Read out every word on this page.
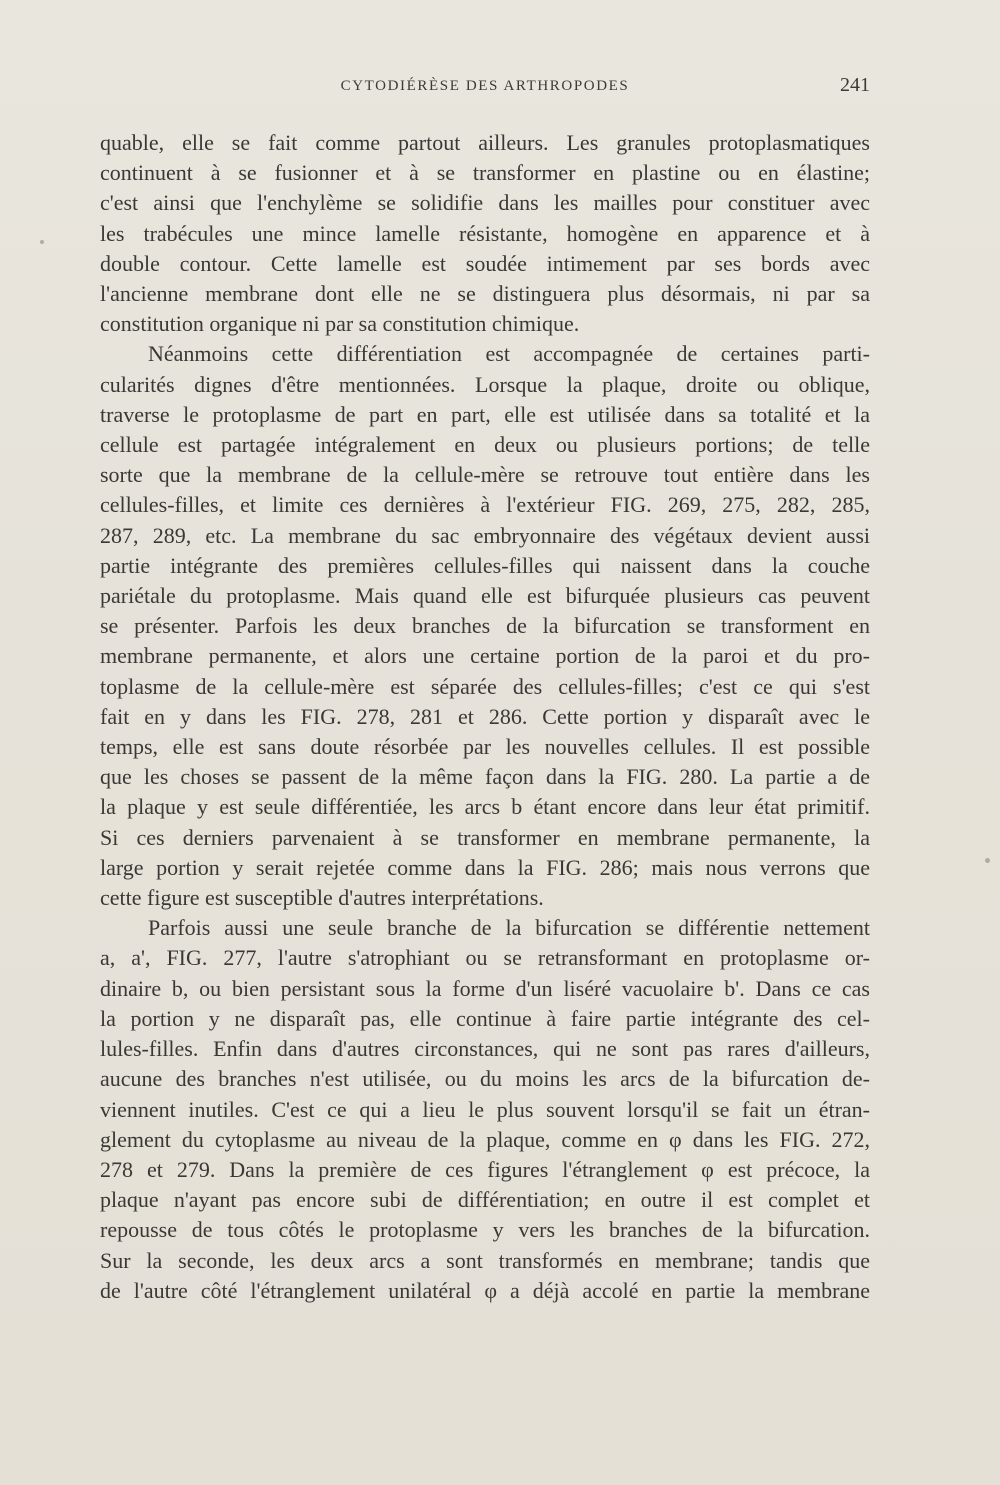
CYTODIÉRÈSE DES ARTHROPODES	241

quable, elle se fait comme partout ailleurs. Les granules protoplasmatiques
continuent à se fusionner et à se transformer en plastine ou en élastine;
c'est ainsi que l'enchylème se solidifie dans les mailles pour constituer avec
les trabécules une mince lamelle résistante, homogène en apparence et à
double contour. Cette lamelle est soudée intimement par ses bords avec
l'ancienne membrane dont elle ne se distinguera plus désormais, ni par sa
constitution organique ni par sa constitution chimique.

Néanmoins cette différentiation est accompagnée de certaines parti-
cularités dignes d'être mentionnées. Lorsque la plaque, droite ou oblique,
traverse le protoplasme de part en part, elle est utilisée dans sa totalité et la
cellule est partagée intégralement en deux ou plusieurs portions; de telle
sorte que la membrane de la cellule-mère se retrouve tout entière dans les
cellules-filles, et limite ces dernières à l'extérieur FIG. 269, 275, 282, 285,
287, 289, etc. La membrane du sac embryonnaire des végétaux devient aussi
partie intégrante des premières cellules-filles qui naissent dans la couche
pariétale du protoplasme. Mais quand elle est bifurquée plusieurs cas peuvent
se présenter. Parfois les deux branches de la bifurcation se transforment en
membrane permanente, et alors une certaine portion de la paroi et du pro-
toplasme de la cellule-mère est séparée des cellules-filles; c'est ce qui s'est
fait en y dans les FIG. 278, 281 et 286. Cette portion y disparaît avec le
temps, elle est sans doute résorbée par les nouvelles cellules. Il est possible
que les choses se passent de la même façon dans la FIG. 280. La partie a de
la plaque y est seule différentiée, les arcs b étant encore dans leur état primitif.
Si ces derniers parvenaient à se transformer en membrane permanente, la
large portion y serait rejetée comme dans la FIG. 286; mais nous verrons que
cette figure est susceptible d'autres interprétations.

Parfois aussi une seule branche de la bifurcation se différentie nettement
a, a', FIG. 277, l'autre s'atrophiant ou se retransformant en protoplasme or-
dinaire b, ou bien persistant sous la forme d'un liséré vacuolaire b'. Dans ce cas
la portion y ne disparaît pas, elle continue à faire partie intégrante des cel-
lules-filles. Enfin dans d'autres circonstances, qui ne sont pas rares d'ailleurs,
aucune des branches n'est utilisée, ou du moins les arcs de la bifurcation de-
viennent inutiles. C'est ce qui a lieu le plus souvent lorsqu'il se fait un étran-
glement du cytoplasme au niveau de la plaque, comme en φ dans les FIG. 272,
278 et 279. Dans la première de ces figures l'étranglement φ est précoce, la
plaque n'ayant pas encore subi de différentiation; en outre il est complet et
repousse de tous côtés le protoplasme y vers les branches de la bifurcation.
Sur la seconde, les deux arcs a sont transformés en membrane; tandis que
de l'autre côté l'étranglement unilatéral φ a déjà accolé en partie la membrane
